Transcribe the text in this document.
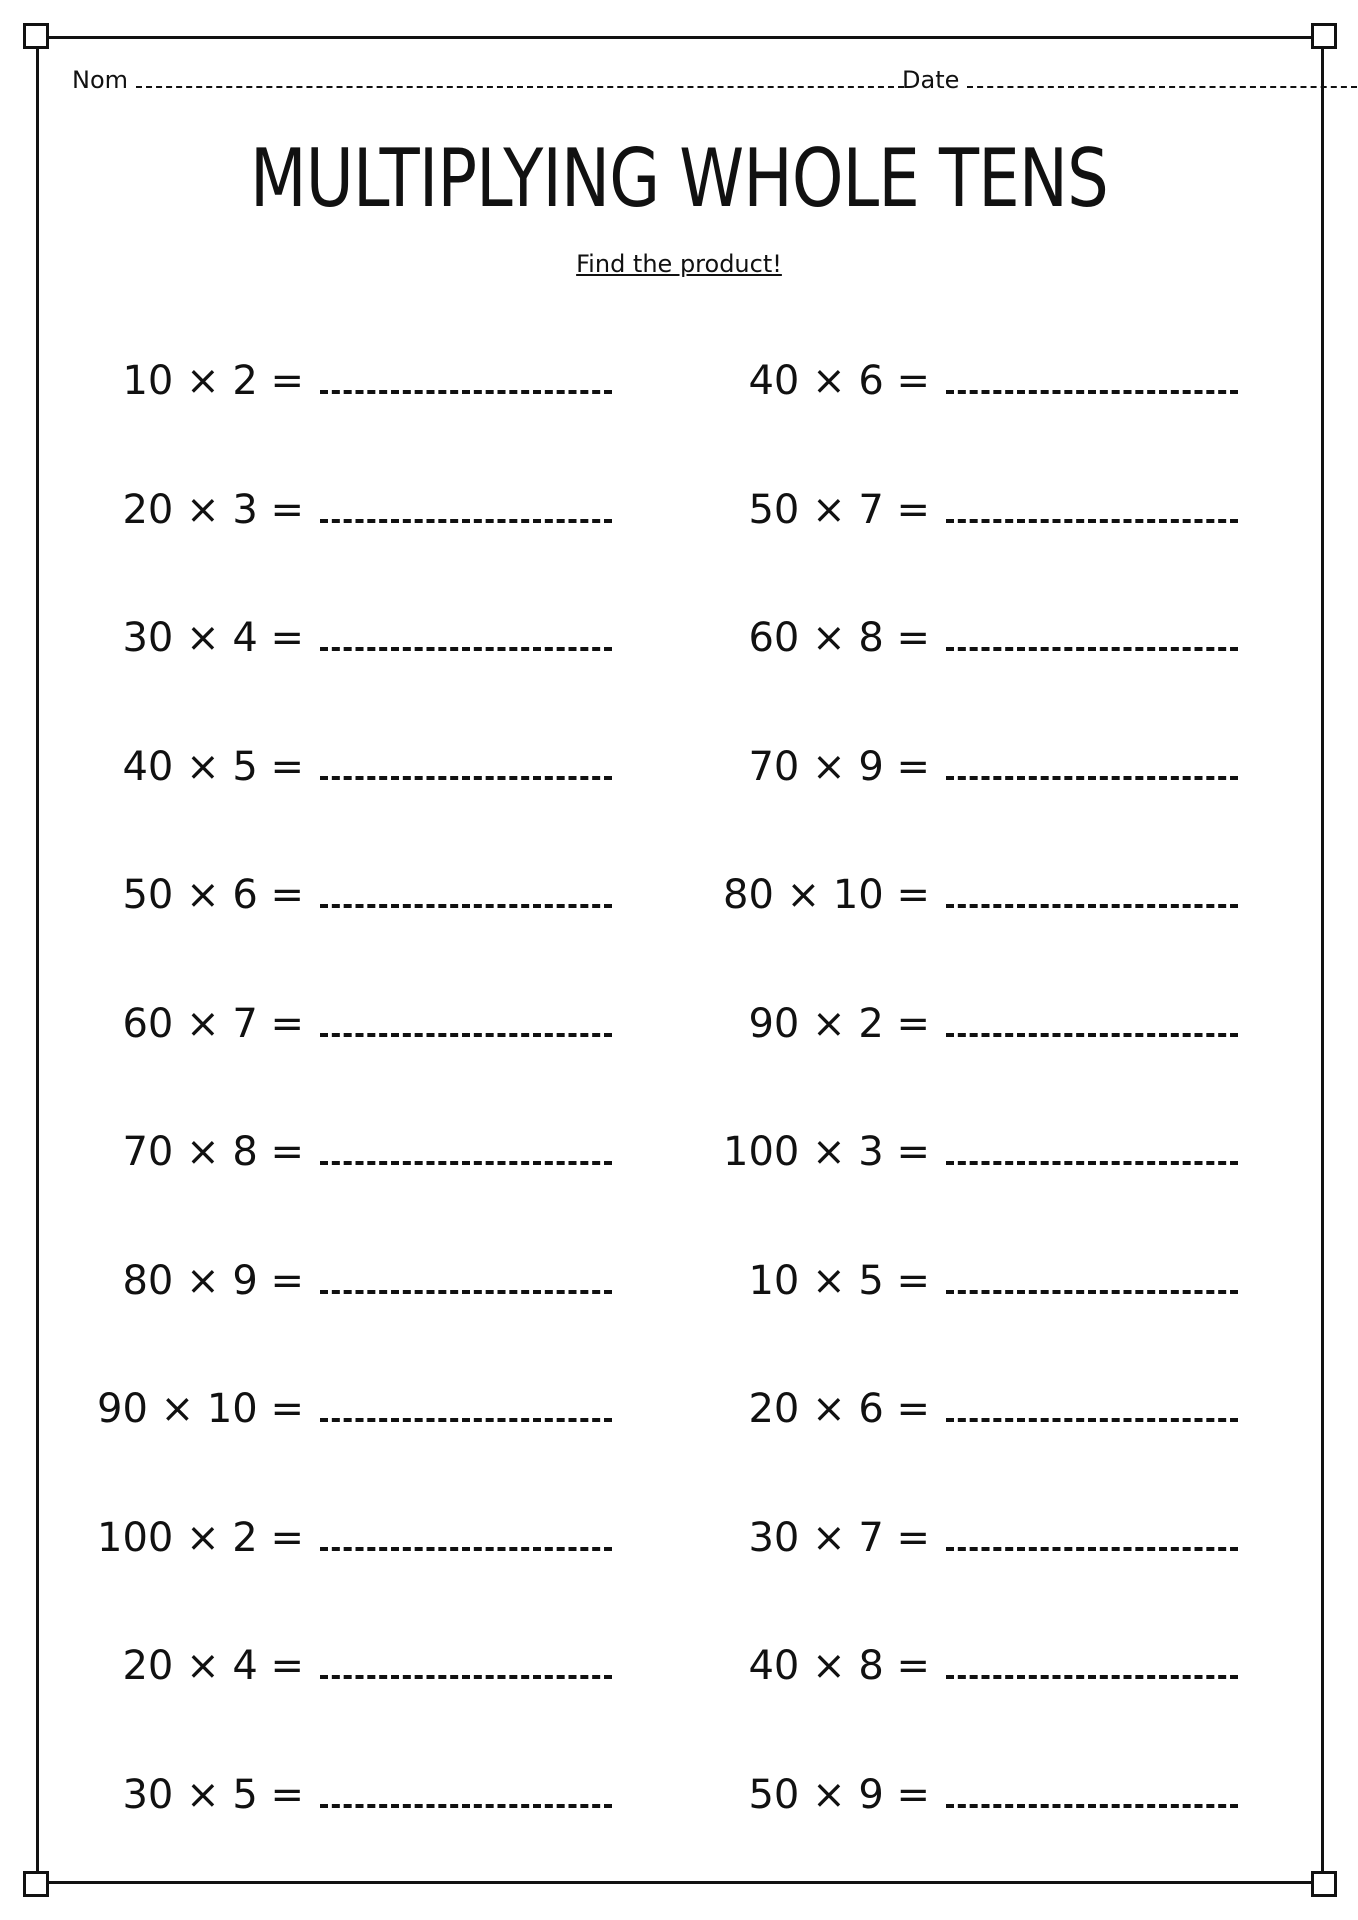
Nom	Date
MULTIPLYING WHOLE TENS
Find the product!
10 × 2 =
20 × 3 =
30 × 4 =
40 × 5 =
50 × 6 =
60 × 7 =
70 × 8 =
80 × 9 =
90 × 10 =
100 × 2 =
20 × 4 =
30 × 5 =
40 × 6 =
50 × 7 =
60 × 8 =
70 × 9 =
80 × 10 =
90 × 2 =
100 × 3 =
10 × 5 =
20 × 6 =
30 × 7 =
40 × 8 =
50 × 9 =
